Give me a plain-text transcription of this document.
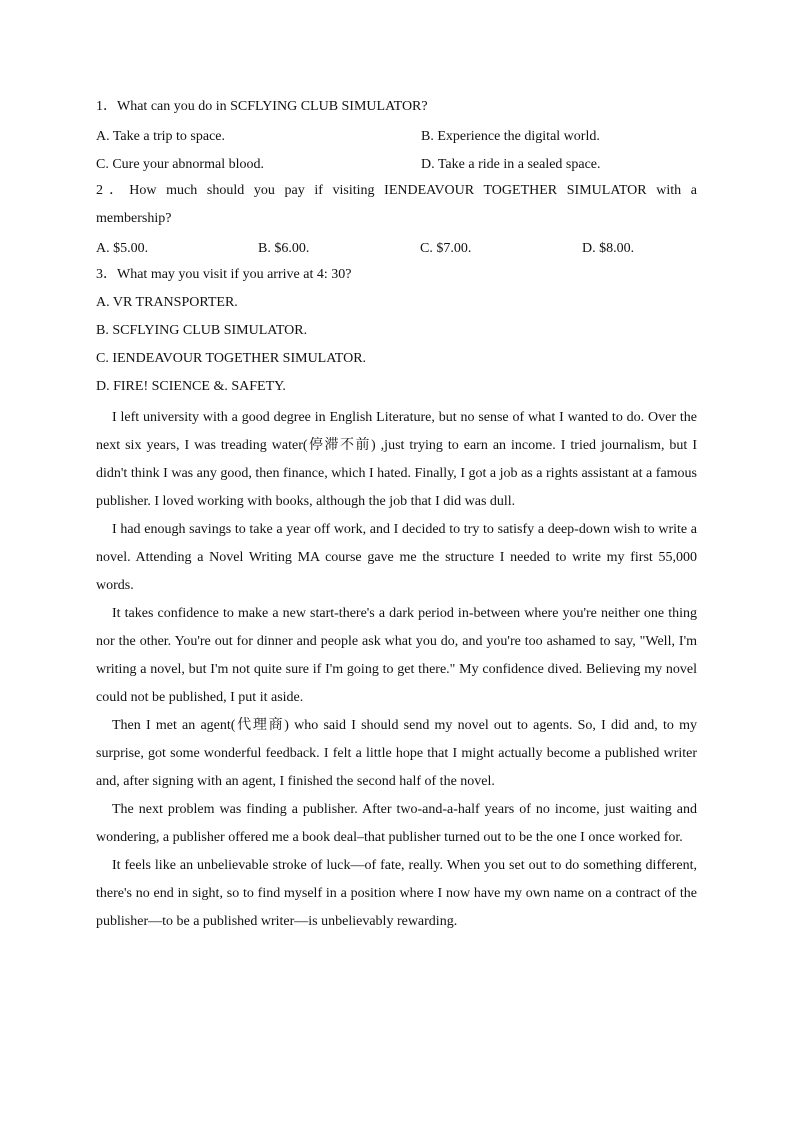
1．What can you do in SCFLYING CLUB SIMULATOR?
A. Take a trip to space.	B. Experience the digital world.
C. Cure your abnormal blood.	D. Take a ride in a sealed space.
2．How much should you pay if visiting IENDEAVOUR TOGETHER SIMULATOR with a
membership?
A. $5.00.	B. $6.00.	C. $7.00.	D. $8.00.
3．What may you visit if you arrive at 4: 30?
A. VR TRANSPORTER.
B. SCFLYING CLUB SIMULATOR.
C. IENDEAVOUR TOGETHER SIMULATOR.
D. FIRE! SCIENCE &. SAFETY.

I left university with a good degree in English Literature, but no sense of what I wanted to do. Over the next six years, I was treading water(停滞不前) ,just trying to earn an income. I tried journalism, but I didn't think I was any good, then finance, which I hated. Finally, I got a job as a rights assistant at a famous publisher. I loved working with books, although the job that I did was dull.

I had enough savings to take a year off work, and I decided to try to satisfy a deep-down wish to write a novel. Attending a Novel Writing MA course gave me the structure I needed to write my first 55,000 words.

It takes confidence to make a new start-there's a dark period in-between where you're neither one thing nor the other. You're out for dinner and people ask what you do, and you're too ashamed to say, "Well, I'm writing a novel, but I'm not quite sure if I'm going to get there." My confidence dived. Believing my novel could not be published, I put it aside.

Then I met an agent(代理商) who said I should send my novel out to agents. So, I did and, to my surprise, got some wonderful feedback. I felt a little hope that I might actually become a published writer and, after signing with an agent, I finished the second half of the novel.

The next problem was finding a publisher. After two-and-a-half years of no income, just waiting and wondering, a publisher offered me a book deal–that publisher turned out to be the one I once worked for.

It feels like an unbelievable stroke of luck—of fate, really. When you set out to do something different, there's no end in sight, so to find myself in a position where I now have my own name on a contract of the publisher—to be a published writer—is unbelievably rewarding.
